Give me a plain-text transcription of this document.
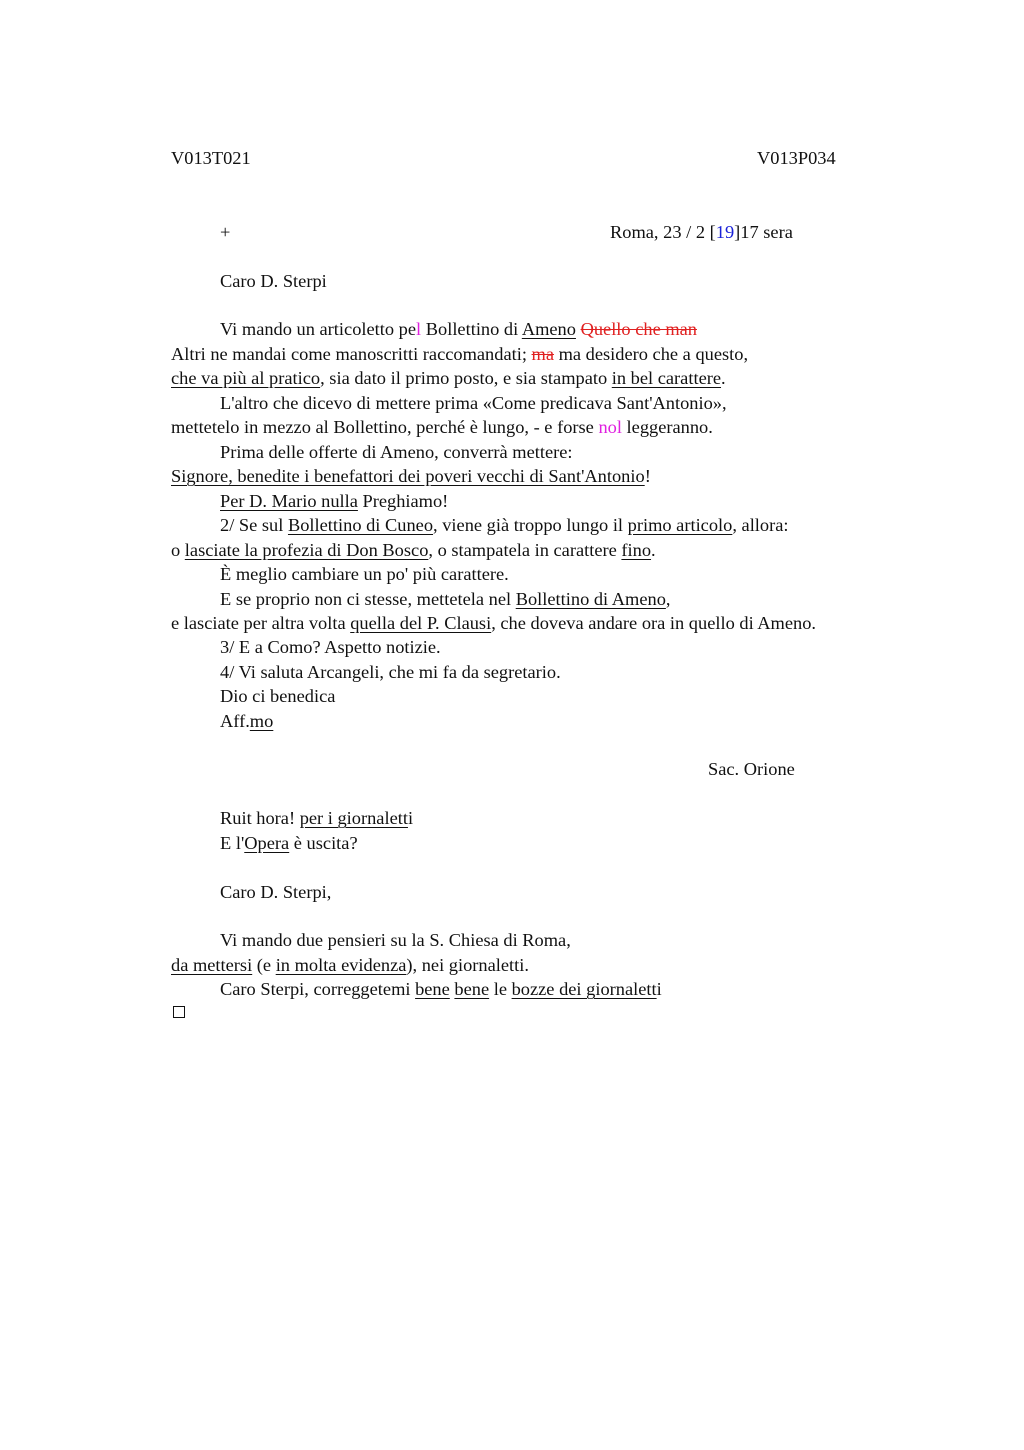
V013T021	V013P034
+	Roma, 23 / 2 [19]17 sera
Caro D. Sterpi
Vi mando un articoletto pel Bollettino di Ameno Quello che man
Altri ne mandai come manoscritti raccomandati; ma ma desidero che a questo,
che va più al pratico, sia dato il primo posto, e sia stampato in bel carattere.
L'altro che dicevo di mettere prima «Come predicava Sant'Antonio»,
mettetelo in mezzo al Bollettino, perché è lungo, - e forse nol leggeranno.
Prima delle offerte di Ameno, converrà mettere:
Signore, benedite i benefattori dei poveri vecchi di Sant'Antonio!
Per D. Mario nulla Preghiamo!
2/ Se sul Bollettino di Cuneo, viene già troppo lungo il primo articolo, allora:
o lasciate la profezia di Don Bosco, o stampatela in carattere fino.
È meglio cambiare un po' più carattere.
E se proprio non ci stesse, mettetela nel Bollettino di Ameno,
e lasciate per altra volta quella del P. Clausi, che doveva andare ora in quello di Ameno.
3/ E a Como? Aspetto notizie.
4/ Vi saluta Arcangeli, che mi fa da segretario.
Dio ci benedica
Aff.mo
Sac. Orione
Ruit hora! per i giornaletti
E l'Opera è uscita?
Caro D. Sterpi,
Vi mando due pensieri su la S. Chiesa di Roma,
da mettersi (e in molta evidenza), nei giornaletti.
Caro Sterpi, correggetemi bene bene le bozze dei giornaletti
